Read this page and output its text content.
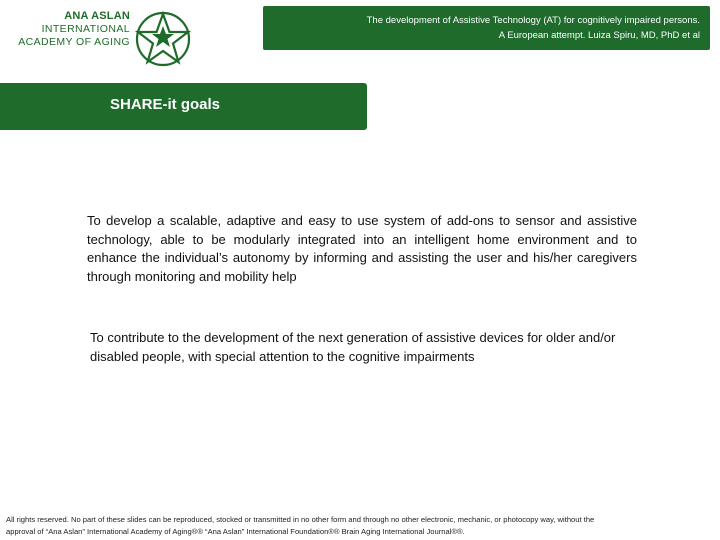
ANA ASLAN
INTERNATIONAL
ACADEMY OF AGING
The development of Assistive Technology (AT) for cognitively impaired persons.
A European attempt. Luiza Spiru, MD, PhD et al
SHARE-it goals
To develop a scalable, adaptive and easy to use system of add-ons to sensor and assistive technology, able to be modularly integrated into an intelligent home environment and to enhance the individual’s autonomy by informing and assisting the user and his/her caregivers through monitoring and mobility help
To contribute to the development of the next generation of assistive devices for older and/or disabled people, with special attention to the cognitive impairments
All rights reserved. No part of these slides can be reproduced, stocked or transmitted in no other form and through no other electronic, mechanic, or photocopy way, without the
approval of “Ana Aslan” International Academy of Aging®® “Ana Aslan” International Foundation®® Brain Aging International Journal®®.
